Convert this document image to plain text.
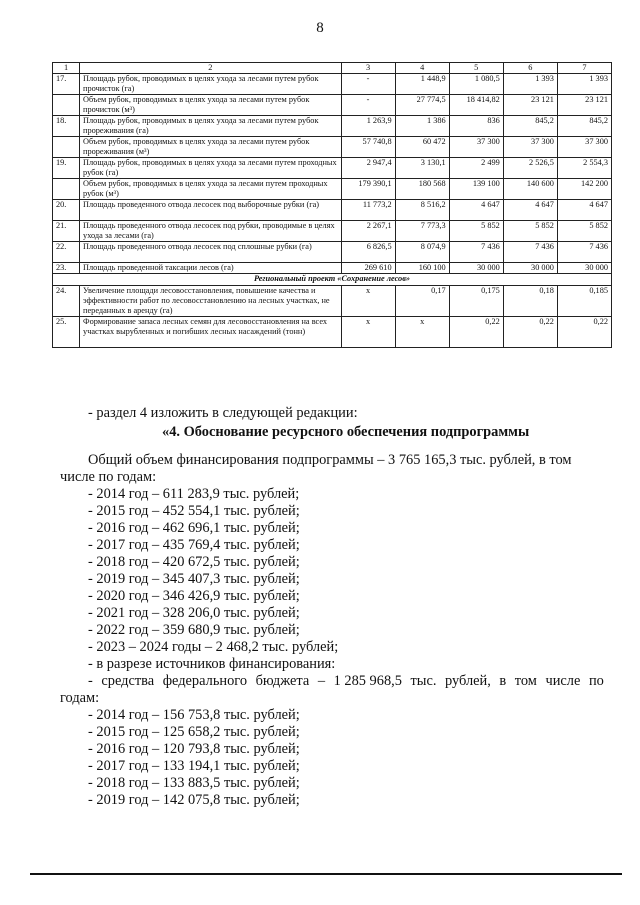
8
1	2	3	4	5	6	7
17.	Площадь рубок, проводимых в целях ухода за лесами путем рубок прочисток (га)	-	1 448,9	1 080,5	1 393	1 393
	Объем рубок, проводимых в целях ухода за лесами путем рубок прочисток (м³)	-	27 774,5	18 414,82	23 121	23 121
18.	Площадь рубок, проводимых в целях ухода за лесами путем рубок прореживания (га)	1 263,9	1 386	836	845,2	845,2
	Объем рубок, проводимых в целях ухода за лесами путем рубок прореживания (м³)	57 740,8	60 472	37 300	37 300	37 300
19.	Площадь рубок, проводимых в целях ухода за лесами путем проходных рубок (га)	2 947,4	3 130,1	2 499	2 526,5	2 554,3
	Объем рубок, проводимых в целях ухода за лесами путем проходных рубок (м³)	179 390,1	180 568	139 100	140 600	142 200
20.	Площадь проведенного отвода лесосек под выборочные рубки (га)	11 773,2	8 516,2	4 647	4 647	4 647
21.	Площадь проведенного отвода лесосек под рубки, проводимые в целях ухода за лесами (га)	2 267,1	7 773,3	5 852	5 852	5 852
22.	Площадь проведенного отвода лесосек под сплошные рубки (га)	6 826,5	8 074,9	7 436	7 436	7 436
23.	Площадь проведенной таксации лесов (га)	269 610	160 100	30 000	30 000	30 000
Региональный проект «Сохранение лесов»						
24.	Увеличение площади лесовосстановления, повышение качества и эффективности работ по лесовосстановлению на лесных участках, не переданных в аренду (га)	x	0,17	0,175	0,18	0,185
25.	Формирование запаса лесных семян для лесовосстановления на всех участках вырубленных и погибших лесных насаждений (тонн)	x	x	0,22	0,22	0,22

- раздел 4 изложить в следующей редакции:

«4. Обоснование ресурсного обеспечения подпрограммы

Общий объем финансирования подпрограммы – 3 765 165,3 тыс. рублей, в том

числе по годам:

- 2014 год – 611 283,9 тыс. рублей;

- 2015 год – 452 554,1 тыс. рублей;

- 2016 год – 462 696,1 тыс. рублей;

- 2017 год – 435 769,4 тыс. рублей;

- 2018 год – 420 672,5 тыс. рублей;

- 2019 год – 345 407,3 тыс. рублей;

- 2020 год – 346 426,9 тыс. рублей;

- 2021 год – 328 206,0 тыс. рублей;

- 2022 год – 359 680,9 тыс. рублей;

- 2023 – 2024 годы – 2 468,2 тыс. рублей;

- в разрезе источников финансирования:

- средства федерального бюджета – 1 285 968,5 тыс. рублей, в том числе по

годам:

- 2014 год – 156 753,8 тыс. рублей;

- 2015 год – 125 658,2 тыс. рублей;

- 2016 год – 120 793,8 тыс. рублей;

- 2017 год – 133 194,1 тыс. рублей;

- 2018 год – 133 883,5 тыс. рублей;

- 2019 год – 142 075,8 тыс. рублей;
